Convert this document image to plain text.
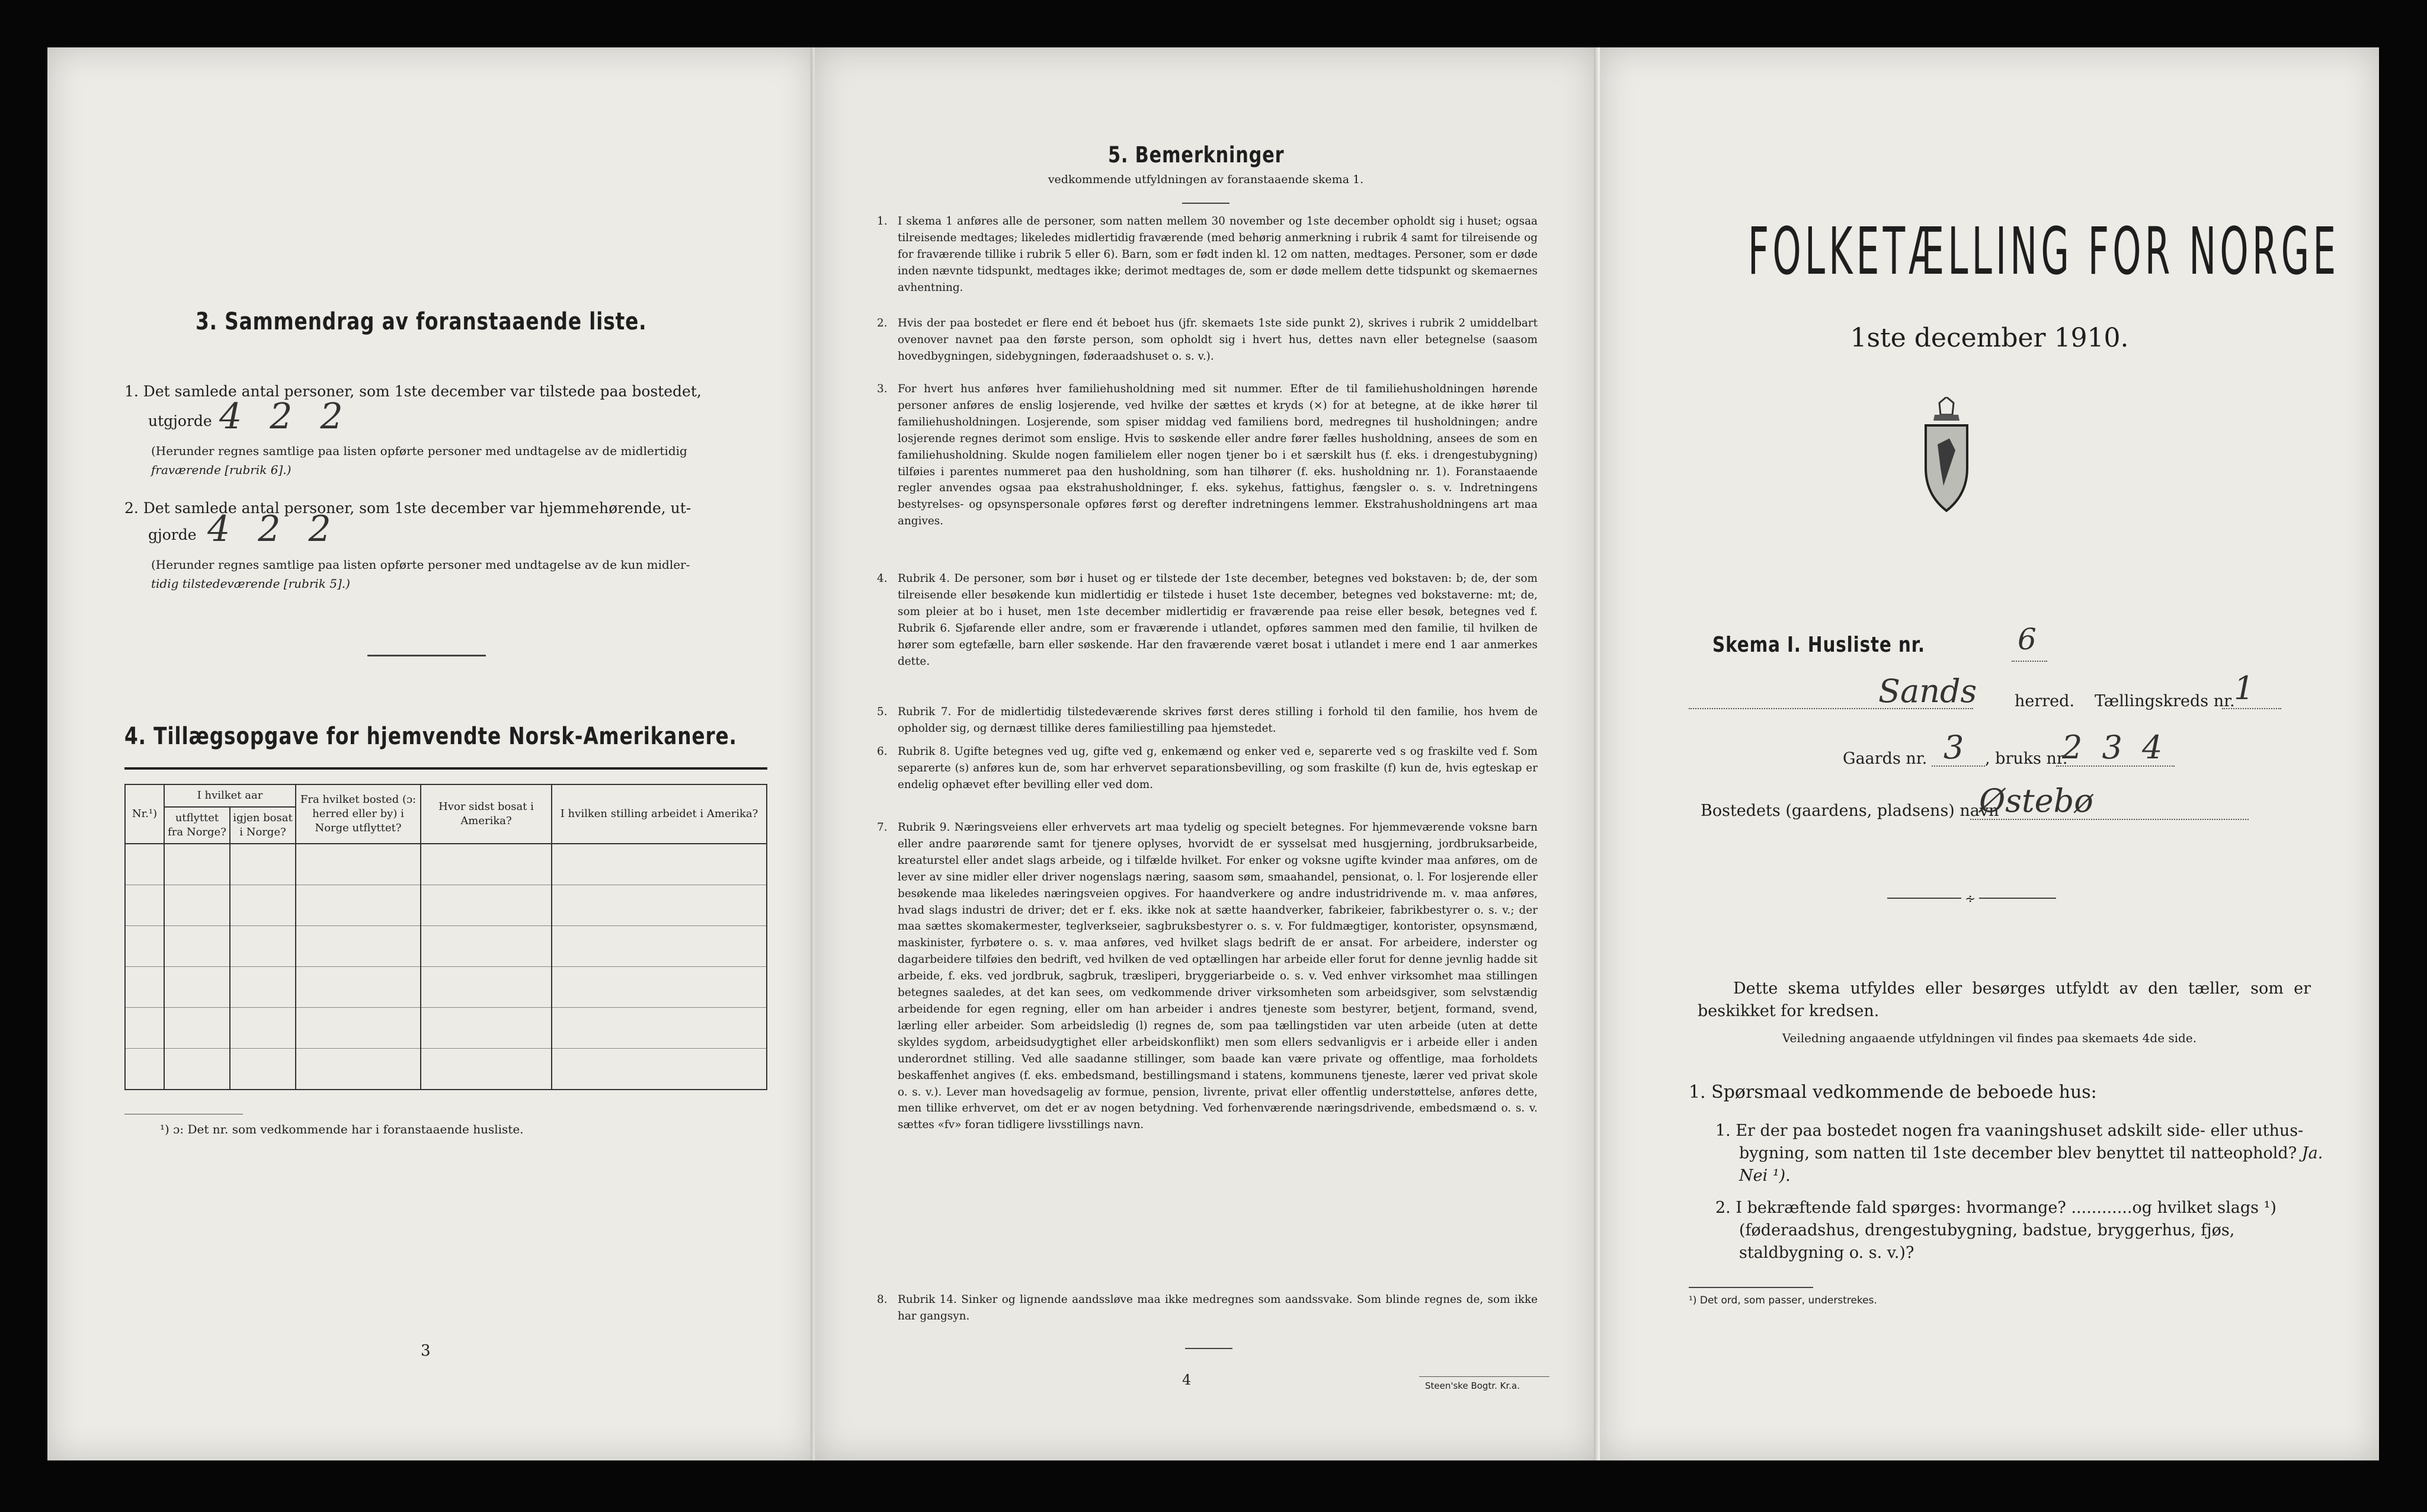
3. Sammendrag av foranstaaende liste.
1. Det samlede antal personer, som 1ste december var tilstede paa bostedet,
utgjorde 4 2 2
(Herunder regnes samtlige paa listen opførte personer med undtagelse av de midlertidig
fraværende [rubrik 6].)
2. Det samlede antal personer, som 1ste december var hjemmehørende, ut-
gjorde 4 2 2
(Herunder regnes samtlige paa listen opførte personer med undtagelse av de kun midler-
tidig tilstedeværende [rubrik 5].)
4. Tillægsopgave for hjemvendte Norsk-Amerikanere.
Nr.¹)	I hvilket aar		Fra hvilket bosted (ɔ: herred eller by) i Norge utflyttet?	Hvor sidst bosat i Amerika?	I hvilken stilling arbeidet i Amerika?
	utflyttet fra Norge?	igjen bosat i Norge?			

¹) ɔ: Det nr. som vedkommende har i foranstaaende husliste.
3
5. Bemerkninger
vedkommende utfyldningen av foranstaaende skema 1.
1. I skema 1 anføres alle de personer, som natten mellem 30 november og 1ste december opholdt sig i huset; ogsaa tilreisende medtages; likeledes midlertidig fraværende (med behørig anmerkning i rubrik 4 samt for tilreisende og for fraværende tillike i rubrik 5 eller 6). Barn, som er født inden kl. 12 om natten, medtages. Personer, som er døde inden nævnte tidspunkt, medtages ikke; derimot medtages de, som er døde mellem dette tidspunkt og skemaernes avhentning.
2. Hvis der paa bostedet er flere end ét beboet hus (jfr. skemaets 1ste side punkt 2), skrives i rubrik 2 umiddelbart ovenover navnet paa den første person, som opholdt sig i hvert hus, dettes navn eller betegnelse (saasom hovedbygningen, sidebygningen, føderaadshuset o. s. v.).
3. For hvert hus anføres hver familiehusholdning med sit nummer. Efter de til familiehusholdningen hørende personer anføres de enslig losjerende, ved hvilke der sættes et kryds (×) for at betegne, at de ikke hører til familiehusholdningen. Losjerende, som spiser middag ved familiens bord, medregnes til husholdningen; andre losjerende regnes derimot som enslige. Hvis to søskende eller andre fører fælles husholdning, ansees de som en familiehusholdning. Skulde nogen familielem eller nogen tjener bo i et særskilt hus (f. eks. i drengestubygning) tilføies i parentes nummeret paa den husholdning, som han tilhører (f. eks. husholdning nr. 1). Foranstaaende regler anvendes ogsaa paa ekstrahusholdninger, f. eks. sykehus, fattighus, fængsler o. s. v. Indretningens bestyrelses- og opsynspersonale opføres først og derefter indretningens lemmer. Ekstrahusholdningens art maa angives.
4. Rubrik 4. De personer, som bør i huset og er tilstede der 1ste december, betegnes ved bokstaven: b; de, der som tilreisende eller besøkende kun midlertidig er tilstede i huset 1ste december, betegnes ved bokstaverne: mt; de, som pleier at bo i huset, men 1ste december midlertidig er fraværende paa reise eller besøk, betegnes ved f. Rubrik 6. Sjøfarende eller andre, som er fraværende i utlandet, opføres sammen med den familie, til hvilken de hører som egtefælle, barn eller søskende. Har den fraværende været bosat i utlandet i mere end 1 aar anmerkes dette.
5. Rubrik 7. For de midlertidig tilstedeværende skrives først deres stilling i forhold til den familie, hos hvem de opholder sig, og dernæst tillike deres familiestilling paa hjemstedet.
6. Rubrik 8. Ugifte betegnes ved ug, gifte ved g, enkemænd og enker ved e, separerte ved s og fraskilte ved f. Som separerte (s) anføres kun de, som har erhvervet separationsbevilling, og som fraskilte (f) kun de, hvis egteskap er endelig ophævet efter bevilling eller ved dom.
7. Rubrik 9. Næringsveiens eller erhvervets art maa tydelig og specielt betegnes. For hjemmeværende voksne barn eller andre paarørende samt for tjenere oplyses, hvorvidt de er sysselsat med husgjerning, jordbruksarbeide, kreaturstel eller andet slags arbeide, og i tilfælde hvilket. For enker og voksne ugifte kvinder maa anføres, om de lever av sine midler eller driver nogenslags næring, saasom søm, smaahandel, pensionat, o. l. For losjerende eller besøkende maa likeledes næringsveien opgives. For haandverkere og andre industridrivende m. v. maa anføres, hvad slags industri de driver; det er f. eks. ikke nok at sætte haandverker, fabrikeier, fabrikbestyrer o. s. v.; der maa sættes skomakermester, teglverkseier, sagbruksbestyrer o. s. v. For fuldmægtiger, kontorister, opsynsmænd, maskinister, fyrbøtere o. s. v. maa anføres, ved hvilket slags bedrift de er ansat. For arbeidere, inderster og dagarbeidere tilføies den bedrift, ved hvilken de ved optællingen har arbeide eller forut for denne jevnlig hadde sit arbeide, f. eks. ved jordbruk, sagbruk, træsliperi, bryggeriarbeide o. s. v. Ved enhver virksomhet maa stillingen betegnes saaledes, at det kan sees, om vedkommende driver virksomheten som arbeidsgiver, som selvstændig arbeidende for egen regning, eller om han arbeider i andres tjeneste som bestyrer, betjent, formand, svend, lærling eller arbeider. Som arbeidsledig (l) regnes de, som paa tællingstiden var uten arbeide (uten at dette skyldes sygdom, arbeidsudygtighet eller arbeidskonflikt) men som ellers sedvanligvis er i arbeide eller i anden underordnet stilling. Ved alle saadanne stillinger, som baade kan være private og offentlige, maa forholdets beskaffenhet angives (f. eks. embedsmand, bestillingsmand i statens, kommunens tjeneste, lærer ved privat skole o. s. v.). Lever man hovedsagelig av formue, pension, livrente, privat eller offentlig understøttelse, anføres dette, men tillike erhvervet, om det er av nogen betydning. Ved forhenværende næringsdrivende, embedsmænd o. s. v. sættes «fv» foran tidligere livsstillings navn.
8. Rubrik 14. Sinker og lignende aandssløve maa ikke medregnes som aandssvake. Som blinde regnes de, som ikke har gangsyn.
4	Steen'ske Bogtr. Kr.a.
FOLKETÆLLING FOR NORGE
1ste december 1910.
Skema I. Husliste nr.	6
Sands herred. Tællingskreds nr.
1
Gaards nr. 3 , bruks nr.
2 3 4
Bostedets (gaardens, pladsens) navn
Østebø
∻
Dette skema utfyldes eller besørges utfyldt av den tæller, som er beskikket for kredsen.
Veiledning angaaende utfyldningen vil findes paa skemaets 4de side.
1. Spørsmaal vedkommende de beboede hus:
1. Er der paa bostedet nogen fra vaaningshuset adskilt side- eller uthus-bygning, som natten til 1ste december blev benyttet til natteophold? Ja. Nei ¹).
2. I bekræftende fald spørges: hvormange? ............og hvilket slags ¹) (føderaadshus, drengestubygning, badstue, bryggerhus, fjøs, staldbygning o. s. v.)?
¹) Det ord, som passer, understrekes.
